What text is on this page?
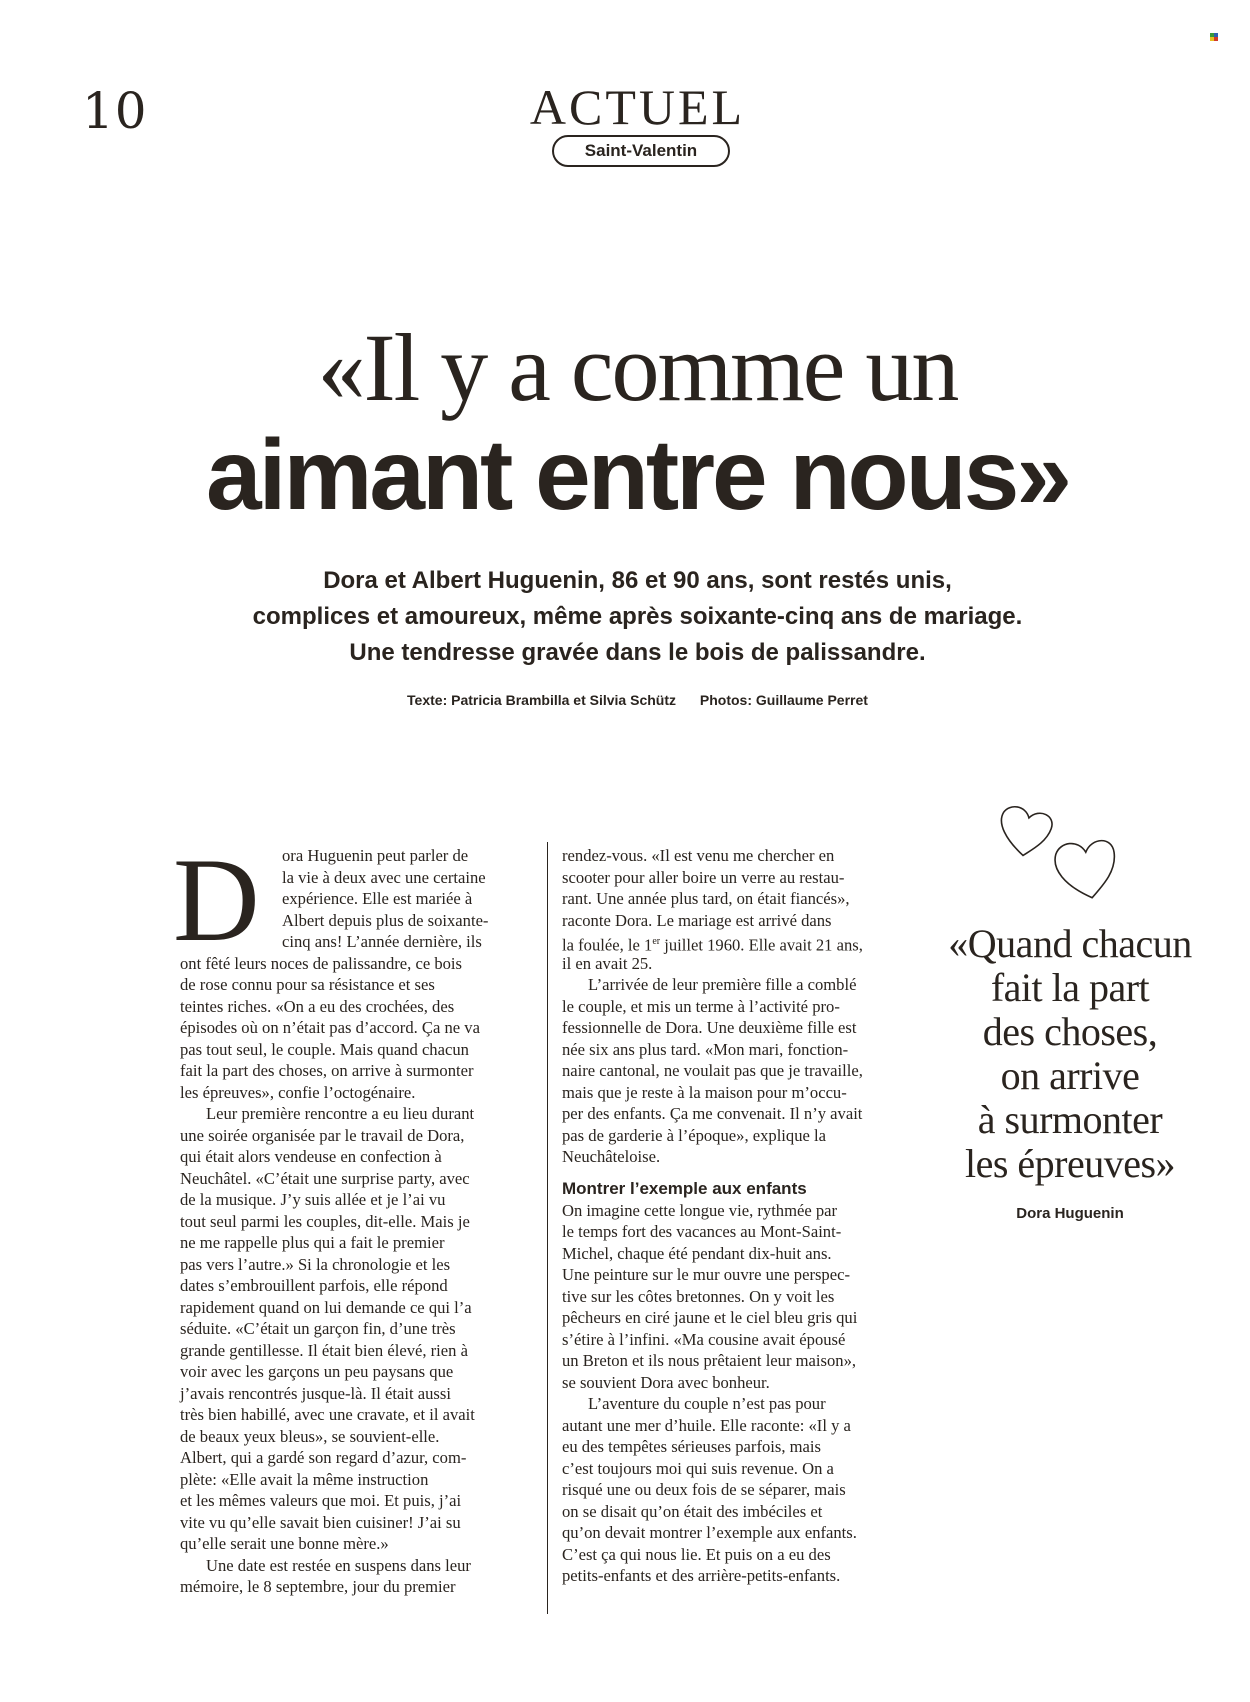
10	ACTUEL
Saint-Valentin
«Il y a comme un
aimant entre nous»
Dora et Albert Huguenin, 86 et 90 ans, sont restés unis,
complices et amoureux, même après soixante-cinq ans de mariage.
Une tendresse gravée dans le bois de palissandre.
Texte: Patricia Brambilla et Silvia Schütz Photos: Guillaume Perret
D	ora Huguenin peut parler de
la vie à deux avec une certaine
expérience. Elle est mariée à
Albert depuis plus de soixante-
cinq ans! L’année dernière, ils
ont fêté leurs noces de palissandre, ce bois
de rose connu pour sa résistance et ses
teintes riches. «On a eu des crochées, des
épisodes où on n’était pas d’accord. Ça ne va
pas tout seul, le couple. Mais quand chacun
fait la part des choses, on arrive à surmonter
les épreuves», confie l’octogénaire.
Leur première rencontre a eu lieu durant
une soirée organisée par le travail de Dora,
qui était alors vendeuse en confection à
Neuchâtel. «C’était une surprise party, avec
de la musique. J’y suis allée et je l’ai vu
tout seul parmi les couples, dit-elle. Mais je
ne me rappelle plus qui a fait le premier
pas vers l’autre.» Si la chronologie et les
dates s’embrouillent parfois, elle répond
rapidement quand on lui demande ce qui l’a
séduite. «C’était un garçon fin, d’une très
grande gentillesse. Il était bien élevé, rien à
voir avec les garçons un peu paysans que
j’avais rencontrés jusque-là. Il était aussi
très bien habillé, avec une cravate, et il avait
de beaux yeux bleus», se souvient-elle.
Albert, qui a gardé son regard d’azur, com-
plète: «Elle avait la même instruction
et les mêmes valeurs que moi. Et puis, j’ai
vite vu qu’elle savait bien cuisiner! J’ai su
qu’elle serait une bonne mère.»
Une date est restée en suspens dans leur
mémoire, le 8 septembre, jour du premier
rendez-vous. «Il est venu me chercher en
scooter pour aller boire un verre au restau-
rant. Une année plus tard, on était fiancés»,
raconte Dora. Le mariage est arrivé dans
la foulée, le 1er juillet 1960. Elle avait 21 ans,
il en avait 25.
L’arrivée de leur première fille a comblé
le couple, et mis un terme à l’activité pro-
fessionnelle de Dora. Une deuxième fille est
née six ans plus tard. «Mon mari, fonction-
naire cantonal, ne voulait pas que je travaille,
mais que je reste à la maison pour m’occu-
per des enfants. Ça me convenait. Il n’y avait
pas de garderie à l’époque», explique la
Neuchâteloise.
Montrer l’exemple aux enfants
On imagine cette longue vie, rythmée par
le temps fort des vacances au Mont-Saint-
Michel, chaque été pendant dix-huit ans.
Une peinture sur le mur ouvre une perspec-
tive sur les côtes bretonnes. On y voit les
pêcheurs en ciré jaune et le ciel bleu gris qui
s’étire à l’infini. «Ma cousine avait épousé
un Breton et ils nous prêtaient leur maison»,
se souvient Dora avec bonheur.
L’aventure du couple n’est pas pour
autant une mer d’huile. Elle raconte: «Il y a
eu des tempêtes sérieuses parfois, mais
c’est toujours moi qui suis revenue. On a
risqué une ou deux fois de se séparer, mais
on se disait qu’on était des imbéciles et
qu’on devait montrer l’exemple aux enfants.
C’est ça qui nous lie. Et puis on a eu des
petits-enfants et des arrière-petits-enfants.
«Quand chacun
fait la part
des choses,
on arrive
à surmonter
les épreuves»
Dora Huguenin
